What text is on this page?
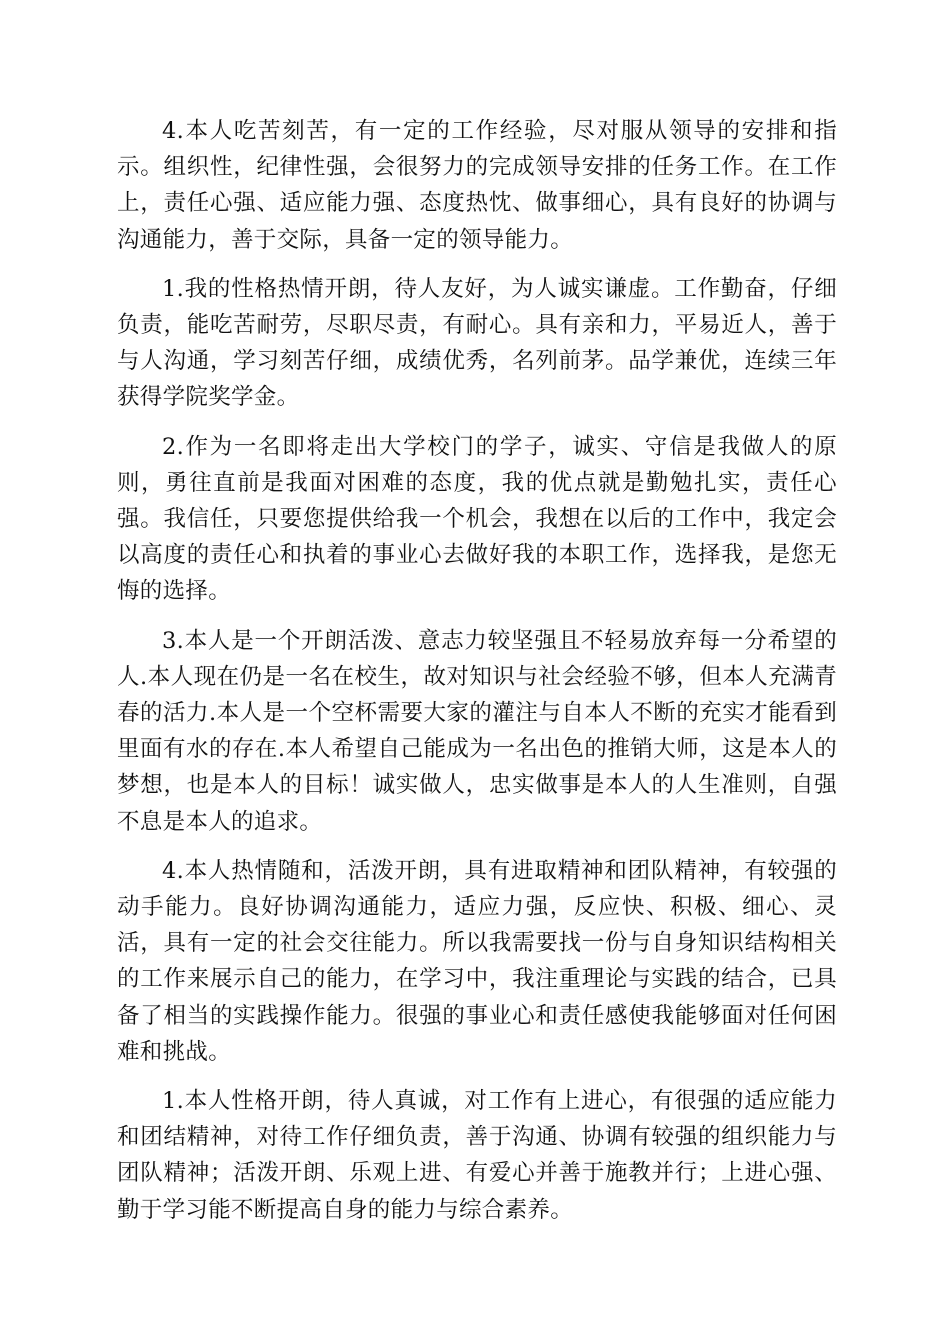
4.本人吃苦刻苦，有一定的工作经验，尽对服从领导的安排和指示。组织性，纪律性强，会很努力的完成领导安排的任务工作。在工作上，责任心强、适应能力强、态度热忱、做事细心，具有良好的协调与沟通能力，善于交际，具备一定的领导能力。

1.我的性格热情开朗，待人友好，为人诚实谦虚。工作勤奋，仔细负责，能吃苦耐劳，尽职尽责，有耐心。具有亲和力，平易近人，善于与人沟通，学习刻苦仔细，成绩优秀，名列前茅。品学兼优，连续三年获得学院奖学金。

2.作为一名即将走出大学校门的学子，诚实、守信是我做人的原则，勇往直前是我面对困难的态度，我的优点就是勤勉扎实，责任心强。我信任，只要您提供给我一个机会，我想在以后的工作中，我定会以高度的责任心和执着的事业心去做好我的本职工作，选择我，是您无悔的选择。

3.本人是一个开朗活泼、意志力较坚强且不轻易放弃每一分希望的人.本人现在仍是一名在校生，故对知识与社会经验不够，但本人充满青春的活力.本人是一个空杯需要大家的灌注与自本人不断的充实才能看到里面有水的存在.本人希望自己能成为一名出色的推销大师，这是本人的梦想，也是本人的目标！诚实做人，忠实做事是本人的人生准则，自强不息是本人的追求。

4.本人热情随和，活泼开朗，具有进取精神和团队精神，有较强的动手能力。良好协调沟通能力，适应力强，反应快、积极、细心、灵活，具有一定的社会交往能力。所以我需要找一份与自身知识结构相关的工作来展示自己的能力，在学习中，我注重理论与实践的结合，已具备了相当的实践操作能力。很强的事业心和责任感使我能够面对任何困难和挑战。

1.本人性格开朗，待人真诚，对工作有上进心，有很强的适应能力和团结精神，对待工作仔细负责，善于沟通、协调有较强的组织能力与团队精神；活泼开朗、乐观上进、有爱心并善于施教并行；上进心强、勤于学习能不断提高自身的能力与综合素养。
